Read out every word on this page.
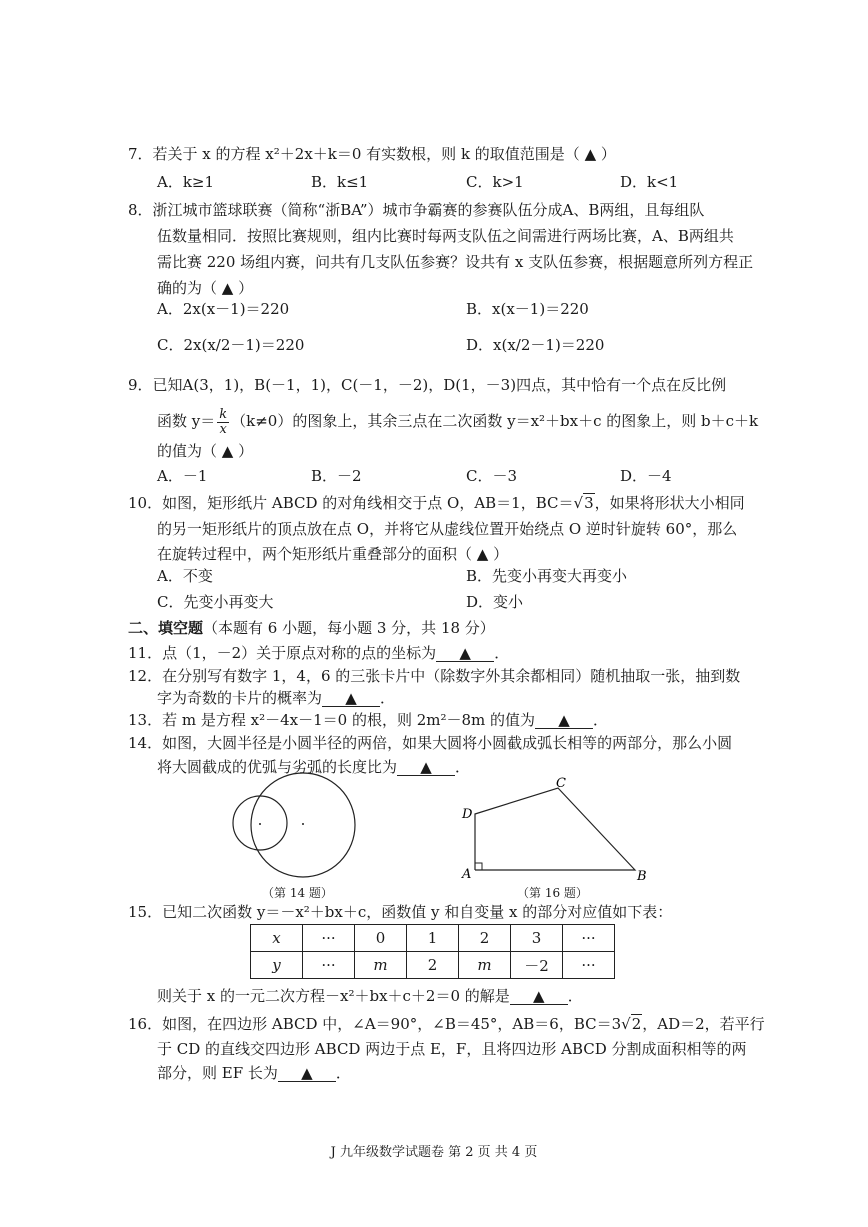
7．若关于 x 的方程 x²＋2x＋k＝0 有实数根，则 k 的取值范围是（ ▲ ）
A．k≥1	B．k≤1	C．k>1	D．k<1
8．浙江城市篮球联赛（简称“浙BA”）城市争霸赛的参赛队伍分成A、B两组，且每组队
伍数量相同．按照比赛规则，组内比赛时每两支队伍之间需进行两场比赛，A、B两组共
需比赛 220 场组内赛，问共有几支队伍参赛？设共有 x 支队伍参赛，根据题意所列方程正
确的为（ ▲ ）
A．2x(x－1)＝220	B．x(x－1)＝220
C．2x(x/2－1)＝220	D．x(x/2－1)＝220
9．已知A(3，1)，B(－1，1)，C(－1，－2)，D(1，－3)四点，其中恰有一个点在反比例
函数 $y= \frac{k}{x} (k\ne 0)$的图象上，其余三点在二次函数 y＝x²＋bx＋c 的图象上，则 b＋c＋k
的值为（ ▲ ）
A．－1	B．－2	C．－3	D．－4
10．如图，矩形纸片 ABCD 的对角线相交于点 O，AB＝1，BC＝√3，如果将形状大小相同
的另一矩形纸片的顶点放在点 O，并将它从虚线位置开始绕点 O 逆时针旋转 60°，那么
在旋转过程中，两个矩形纸片重叠部分的面积（ ▲ ）
A．不变	B．先变小再变大再变小
C．先变小再变大	D．变小
二、填空题（本题有 6 小题，每小题 3 分，共 18 分）
11．点（1，－2）关于原点对称的点的坐标为 ▲ ．
12．在分别写有数字 1，4，6 的三张卡片中（除数字外其余都相同）随机抽取一张，抽到数
字为奇数的卡片的概率为 ▲ ．
13．若 m 是方程 x²－4x－1＝0 的根，则 2m²－8m 的值为 ▲ ．
14．如图，大圆半径是小圆半径的两倍，如果大圆将小圆截成弧长相等的两部分，那么小圆
将大圆截成的优弧与劣弧的长度比为 ▲ ．
（第 14 题）
A	B
C
D
（第 16 题）
15．已知二次函数 y＝－x²＋bx＋c，函数值 y 和自变量 x 的部分对应值如下表：
x	···	0	1	2	3	···
y	···	m	2	m	－2	···
则关于 x 的一元二次方程－x²＋bx＋c＋2＝0 的解是 ▲ ．
16．如图，在四边形 ABCD 中，∠A＝90°，∠B＝45°，AB＝6，BC＝3√2，AD＝2，若平行
于 CD 的直线交四边形 ABCD 两边于点 E，F，且将四边形 ABCD 分割成面积相等的两
部分，则 EF 长为 ▲ ．
J 九年级数学试题卷 第 2 页 共 4 页
